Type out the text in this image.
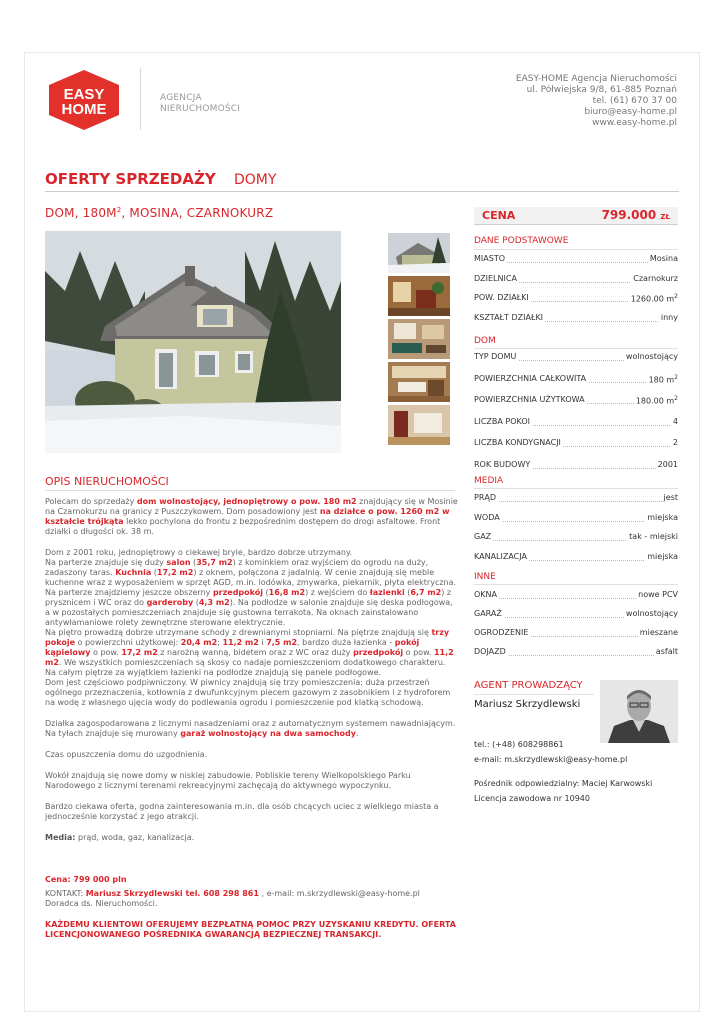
EASY
HOME
AGENCJA
NIERUCHOMOŚCI
EASY-HOME Agencja Nieruchomości
ul. Półwiejska 9/8, 61-885 Poznań
tel. (61) 670 37 00
biuro@easy-home.pl
www.easy-home.pl
OFERTY SPRZEDAŻY DOMY
DOM, $180M^2$, MOSINA, CZARNOKURZ
OPIS NIERUCHOMOŚCI

Polecam do sprzedaży dom wolnostojący, jednopiętrowy o pow. 180 m2 znajdujący się w Mosinie na Czarnokurzu na granicy z Puszczykowem. Dom posadowiony jest na działce o pow. 1260 m2 w kształcie trójkąta lekko pochylona do frontu z bezpośrednim dostępem do drogi asfaltowe. Front działki o długości ok. 38 m.

Dom z 2001 roku, jednopiętrowy o ciekawej bryle, bardzo dobrze utrzymany.
Na parterze znajduje się duży salon (35,7 m2) z kominkiem oraz wyjściem do ogrodu na duży, zadaszony taras. Kuchnia (17,2 m2) z oknem, połączona z jadalnią. W cenie znajdują się meble kuchenne wraz z wyposażeniem w sprzęt AGD, m.in. lodówka, zmywarka, piekarnik, płyta elektryczna.
Na parterze znajdziemy jeszcze obszerny przedpokój (16,8 m2) z wejściem do łazienki (6,7 m2) z prysznicem i WC oraz do garderoby (4,3 m2). Na podłodze w salonie znajduje się deska podłogowa, a w pozostałych pomieszczeniach znajduje się gustowna terrakota. Na oknach zainstalowano antywłamaniowe rolety zewnętrzne sterowane elektrycznie.
Na piętro prowadzą dobrze utrzymane schody z drewnianymi stopniami. Na piętrze znajdują się trzy pokoje o powierzchni użytkowej: 20,4 m2; 11,2 m2 i 7,5 m2, bardzo duża łazienka - pokój kąpielowy o pow. 17,2 m2 z narożną wanną, bidetem oraz z WC oraz duży przedpokój o pow. 11,2 m2. We wszystkich pomieszczeniach są skosy co nadaje pomieszczeniom dodatkowego charakteru. Na całym piętrze za wyjątkiem łazienki na podłodze znajdują się panele podłogowe.
Dom jest częściowo podpiwniczony. W piwnicy znajdują się trzy pomieszczenia: duża przestrzeń ogólnego przeznaczenia, kotłownia z dwufunkcyjnym piecem gazowym z zasobnikiem i z hydroforem na wodę z własnego ujęcia wody do podlewania ogrodu i pomieszczenie pod klatką schodową.

Działka zagospodarowana z licznymi nasadzeniami oraz z automatycznym systemem nawadniającym.
Na tyłach znajduje się murowany garaż wolnostojący na dwa samochody.

Czas opuszczenia domu do uzgodnienia.

Wokół znajdują się nowe domy w niskiej zabudowie. Pobliskie tereny Wielkopolskiego Parku Narodowego z licznymi terenami rekreacyjnymi zachęcają do aktywnego wypoczynku.

Bardzo ciekawa oferta, godna zainteresowania m.in. dla osób chcących uciec z wielkiego miasta a jednocześnie korzystać z jego atrakcji.

Media: prąd, woda, gaz, kanalizacja.

Cena: 799 000 pln

KONTAKT: Mariusz Skrzydlewski tel. 608 298 861 , e-mail: m.skrzydlewski@easy-home.pl
Doradca ds. Nieruchomości.

KAŻDEMU KLIENTOWI OFERUJEMY BEZPŁATNĄ POMOC PRZY UZYSKANIU KREDYTU. OFERTA LICENCJONOWANEGO POŚREDNIKA GWARANCJĄ BEZPIECZNEJ TRANSAKCJI.

CENA	799.000 ZŁ
DANE PODSTAWOWE
MIASTO	Mosina
DZIELNICA	Czarnokurz
POW. DZIAŁKI	1260.00 $m^2$
KSZTAŁT DZIAŁKI	inny
DOM
TYP DOMU	wolnostojący
POWIERZCHNIA CAŁKOWITA	180 $m^2$
POWIERZCHNIA UŻYTKOWA	180.00 $m^2$
LICZBA POKOI	4
LICZBA KONDYGNACJI	2
ROK BUDOWY	2001
MEDIA
PRĄD	jest
WODA	miejska
GAZ	tak - miejski
KANALIZACJA	miejska
INNE
OKNA	nowe PCV
GARAŻ	wolnostojący
OGRODZENIE	mieszane
DOJAZD	asfalt
AGENT PROWADZĄCY
Mariusz Skrzydlewski
tel.: (+48) 608298861
e-mail: m.skrzydlewski@easy-home.pl
Pośrednik odpowiedzialny: Maciej Karwowski
Licencja zawodowa nr 10940
